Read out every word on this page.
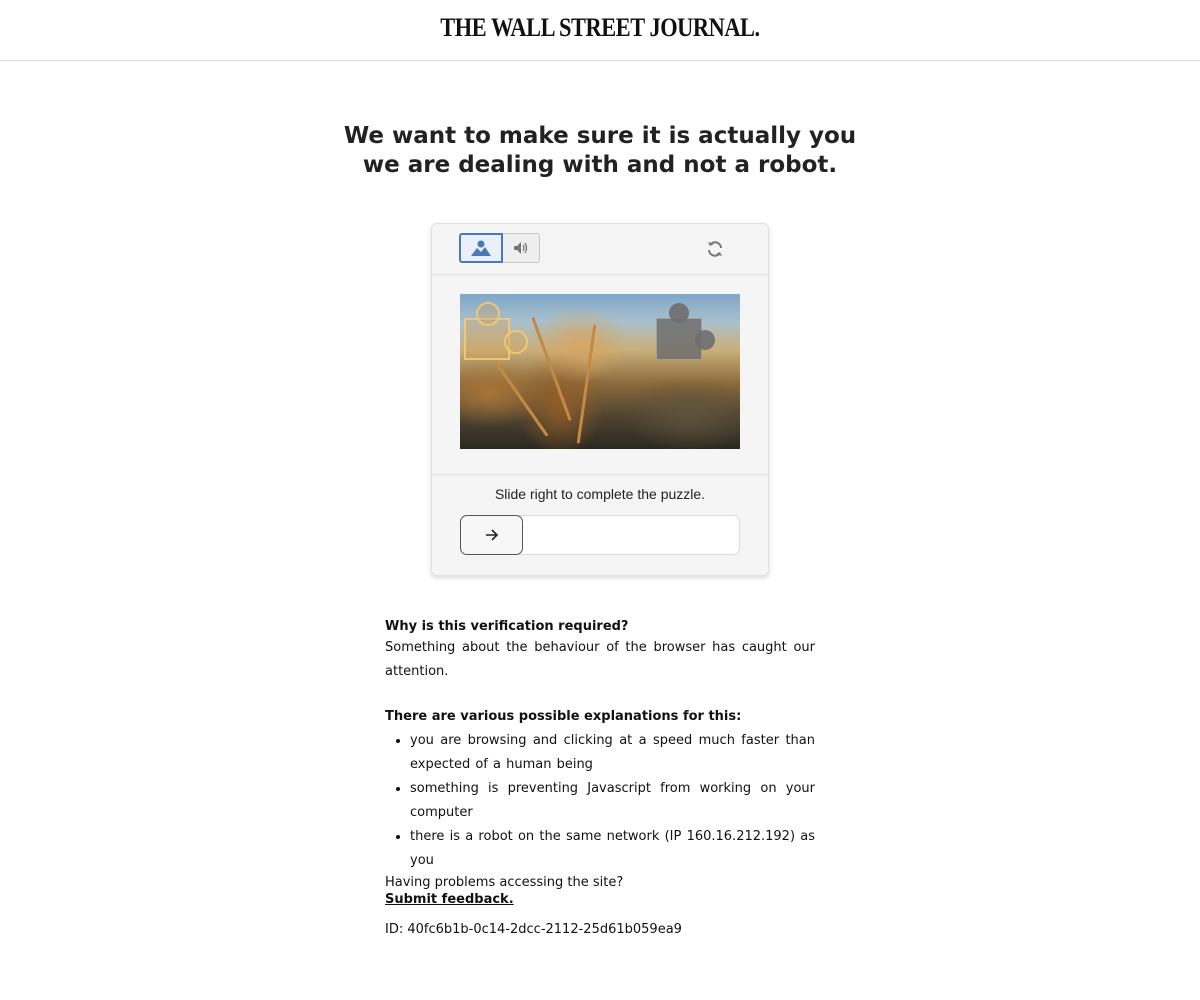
THE WALL STREET JOURNAL.
We want to make sure it is actually you
we are dealing with and not a robot.
Slide right to complete the puzzle.
Why is this verification required?

Something about the behaviour of the browser has caught our attention.

There are various possible explanations for this:
• you are browsing and clicking at a speed much faster than expected of a human being
• something is preventing Javascript from working on your computer
• there is a robot on the same network (IP 160.16.212.192) as you
Having problems accessing the site?
Submit feedback.
ID: 40fc6b1b-0c14-2dcc-2112-25d61b059ea9
